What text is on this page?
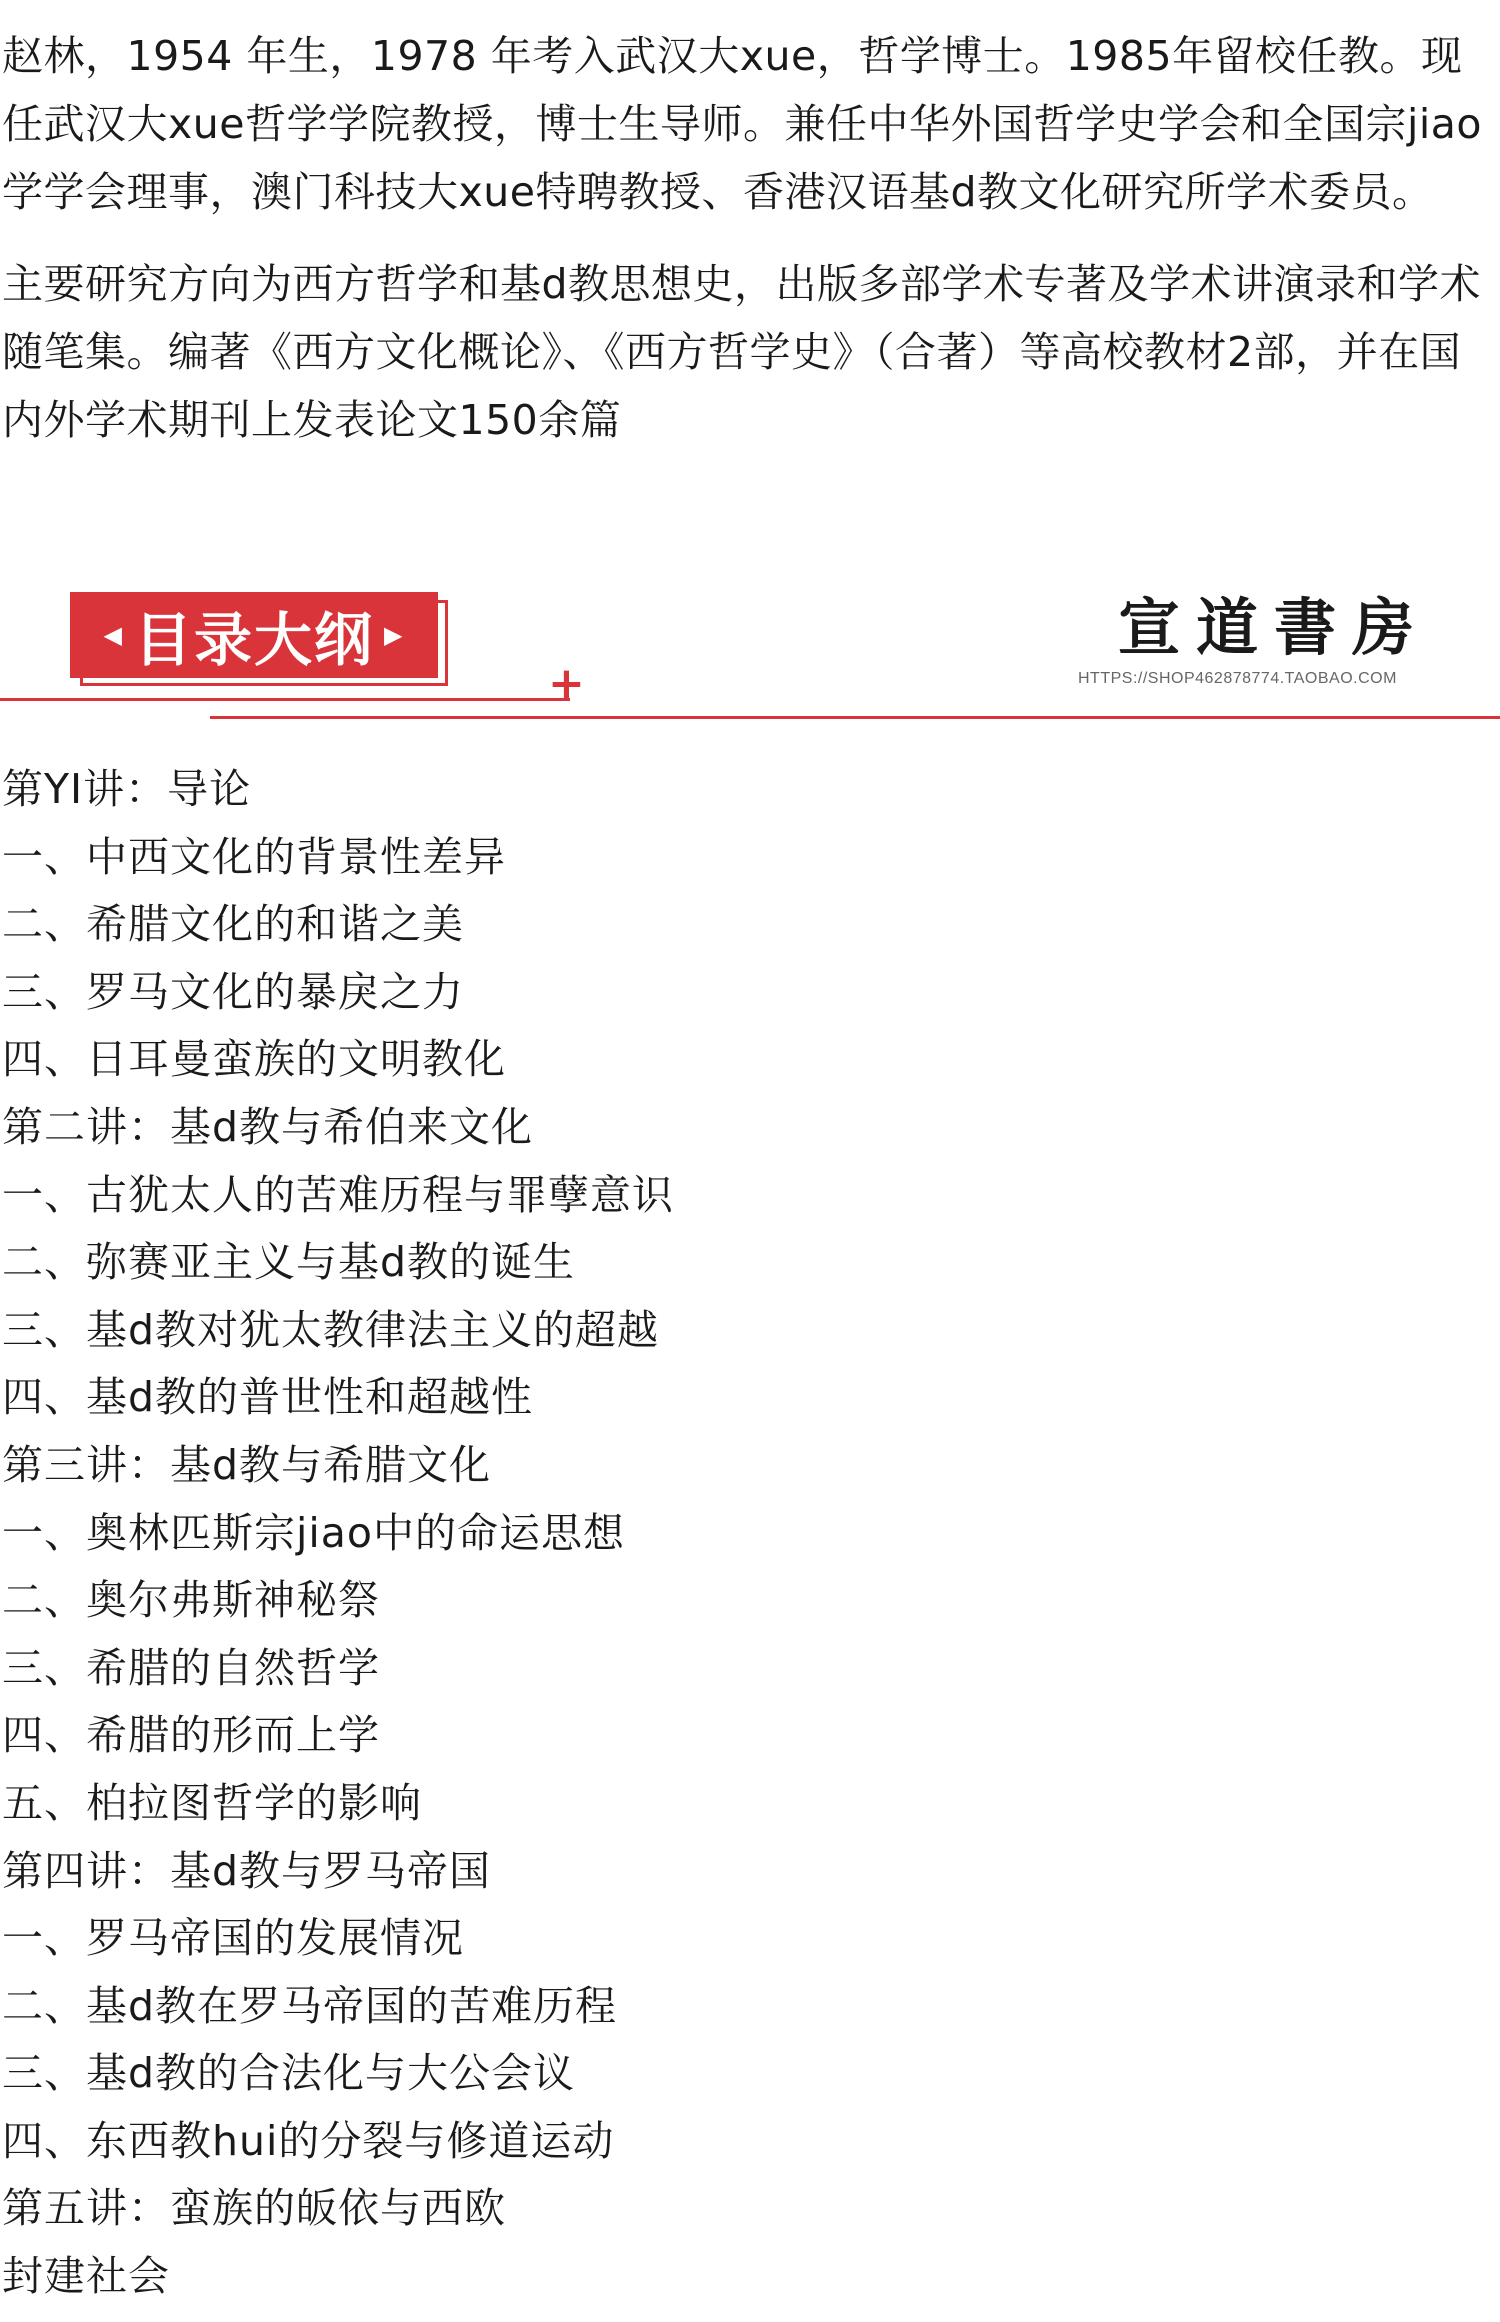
赵林，1954 年生，1978 年考入武汉大xue，哲学博士。1985年留校任教。现任武汉大xue哲学学院教授，博士生导师。兼任中华外国哲学史学会和全国宗jiao学学会理事，澳门科技大xue特聘教授、香港汉语基d教文化研究所学术委员。

主要研究方向为西方哲学和基d教思想史，出版多部学术专著及学术讲演录和学术随笔集。编著《西方文化概论》、《西方哲学史》（合著）等高校教材2部，并在国内外学术期刊上发表论文150余篇

◀ 目录大纲 ▶
+
宣道書房
HTTPS://SHOP462878774.TAOBAO.COM
第YI讲：导论
一、中西文化的背景性差异
二、希腊文化的和谐之美
三、罗马文化的暴戾之力
四、日耳曼蛮族的文明教化
第二讲：基d教与希伯来文化
一、古犹太人的苦难历程与罪孽意识
二、弥赛亚主义与基d教的诞生
三、基d教对犹太教律法主义的超越
四、基d教的普世性和超越性
第三讲：基d教与希腊文化
一、奥林匹斯宗jiao中的命运思想
二、奥尔弗斯神秘祭
三、希腊的自然哲学
四、希腊的形而上学
五、柏拉图哲学的影响
第四讲：基d教与罗马帝国
一、罗马帝国的发展情况
二、基d教在罗马帝国的苦难历程
三、基d教的合法化与大公会议
四、东西教hui的分裂与修道运动
第五讲：蛮族的皈依与西欧
封建社会
